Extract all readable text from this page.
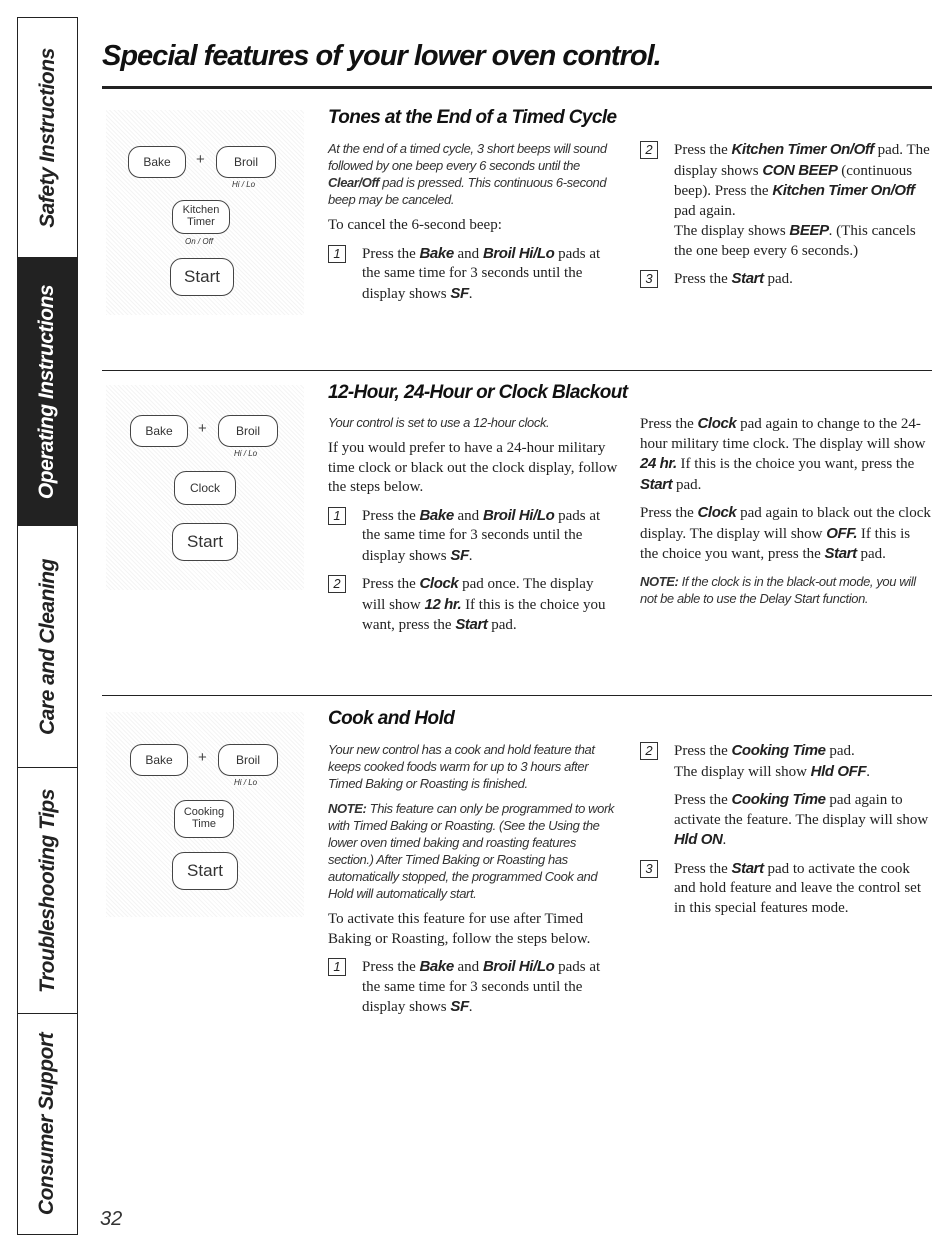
Safety Instructions
Operating Instructions
Care and Cleaning
Troubleshooting Tips
Consumer Support
Special features of your lower oven control.
Bake	+	Broil
Hi / Lo
Kitchen Timer
On / Off
Start
Tones at the End of a Timed Cycle

At the end of a timed cycle, 3 short beeps will sound followed by one beep every 6 seconds until the Clear/Off pad is pressed. This continuous 6-second beep may be canceled.

To cancel the 6-second beep:

1	Press the Bake and Broil Hi/Lo pads at the same time for 3 seconds until the display shows SF.

2	Press the Kitchen Timer On/Off pad. The display shows CON BEEP (continuous beep). Press the Kitchen Timer On/Off pad again.
The display shows BEEP. (This cancels the one beep every 6 seconds.)

3	Press the Start pad.

Bake	+	Broil
Hi / Lo
Clock
Start
12-Hour, 24-Hour or Clock Blackout

Your control is set to use a 12-hour clock.

If you would prefer to have a 24-hour military time clock or black out the clock display, follow the steps below.

1	Press the Bake and Broil Hi/Lo pads at the same time for 3 seconds until the display shows SF.

2	Press the Clock pad once. The display will show 12 hr. If this is the choice you want, press the Start pad.

Press the Clock pad again to change to the 24-hour military time clock. The display will show 24 hr. If this is the choice you want, press the Start pad.

Press the Clock pad again to black out the clock display. The display will show OFF. If this is the choice you want, press the Start pad.

NOTE: If the clock is in the black-out mode, you will not be able to use the Delay Start function.

Bake	+	Broil
Hi / Lo
Cooking Time
Start
Cook and Hold

Your new control has a cook and hold feature that keeps cooked foods warm for up to 3 hours after Timed Baking or Roasting is finished.

NOTE: This feature can only be programmed to work with Timed Baking or Roasting. (See the Using the lower oven timed baking and roasting features section.) After Timed Baking or Roasting has automatically stopped, the programmed Cook and Hold will automatically start.

To activate this feature for use after Timed Baking or Roasting, follow the steps below.

1	Press the Bake and Broil Hi/Lo pads at the same time for 3 seconds until the display shows SF.

2	Press the Cooking Time pad.
The display will show Hld OFF.

Press the Cooking Time pad again to activate the feature. The display will show Hld ON.

3	Press the Start pad to activate the cook and hold feature and leave the control set in this special features mode.

32
